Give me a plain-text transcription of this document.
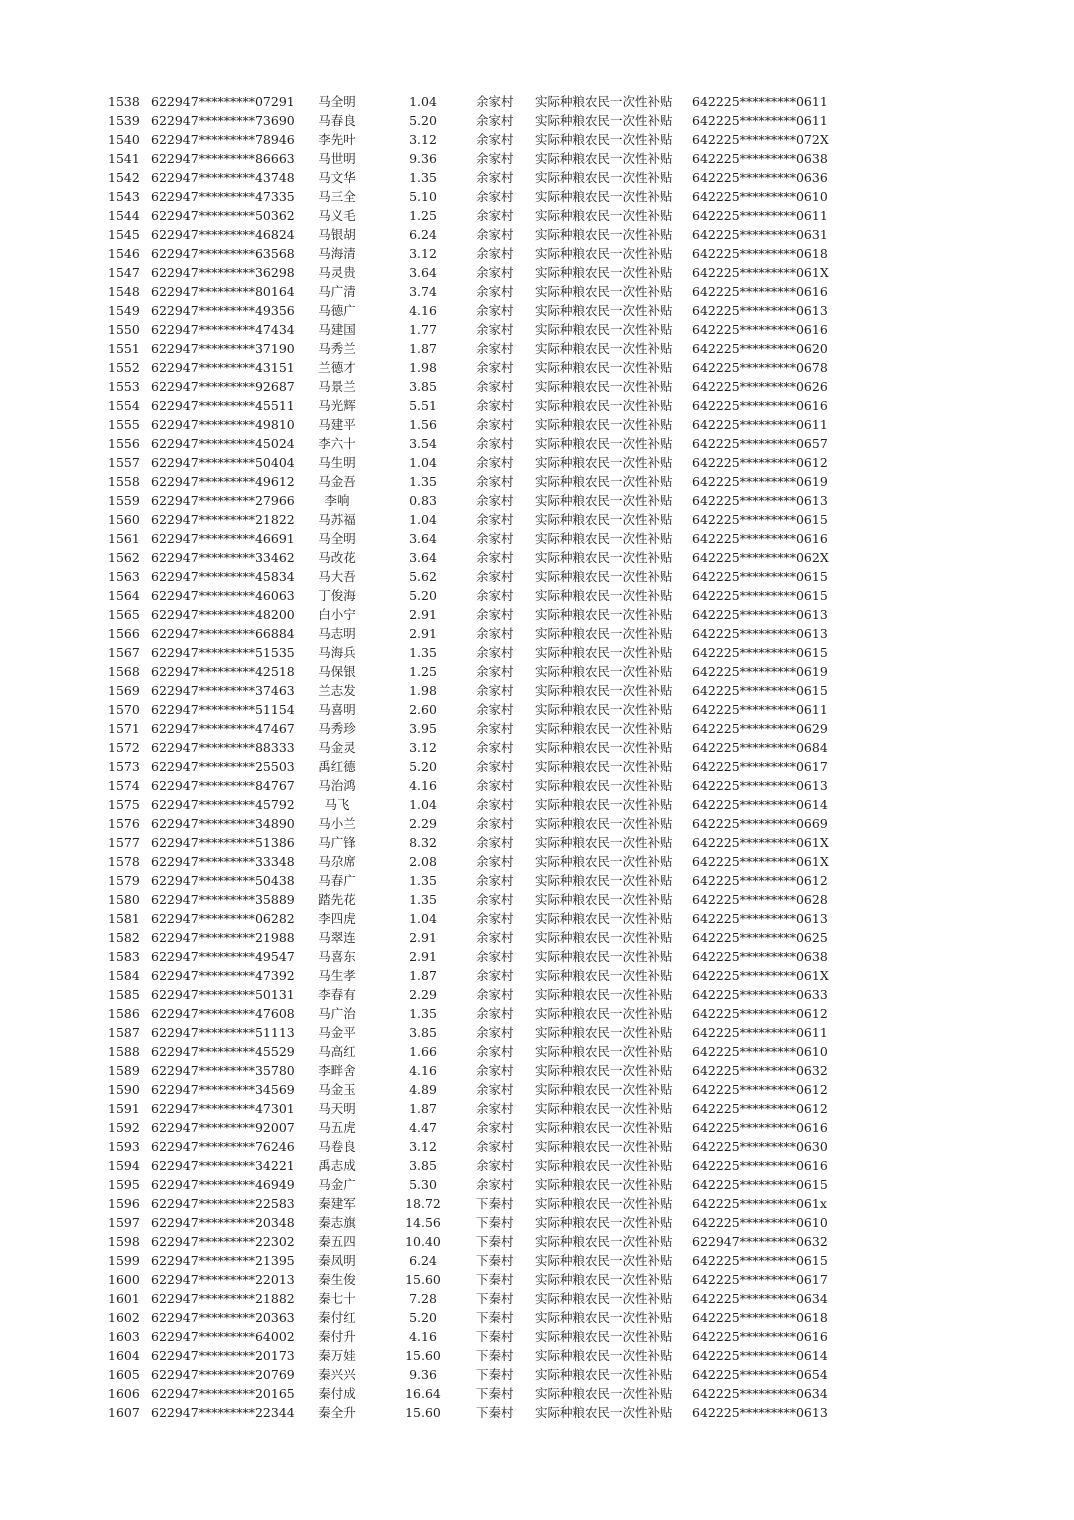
1538 622947*********07291	马全明	1.04	余家村 实际种粮农民一次性补贴 642225*********0611
1539 622947*********73690	马春良	5.20	余家村 实际种粮农民一次性补贴 642225*********0611
1540 622947*********78946	李先叶	3.12	余家村 实际种粮农民一次性补贴 642225*********072X
1541 622947*********86663	马世明	9.36	余家村 实际种粮农民一次性补贴 642225*********0638
1542 622947*********43748	马文华	1.35	余家村 实际种粮农民一次性补贴 642225*********0636
1543 622947*********47335	马三全	5.10	余家村 实际种粮农民一次性补贴 642225*********0610
1544 622947*********50362	马义毛	1.25	余家村 实际种粮农民一次性补贴 642225*********0611
1545 622947*********46824	马银胡	6.24	余家村 实际种粮农民一次性补贴 642225*********0631
1546 622947*********63568	马海清	3.12	余家村 实际种粮农民一次性补贴 642225*********0618
1547 622947*********36298	马灵贵	3.64	余家村 实际种粮农民一次性补贴 642225*********061X
1548 622947*********80164	马广清	3.74	余家村 实际种粮农民一次性补贴 642225*********0616
1549 622947*********49356	马德广	4.16	余家村 实际种粮农民一次性补贴 642225*********0613
1550 622947*********47434	马建国	1.77	余家村 实际种粮农民一次性补贴 642225*********0616
1551 622947*********37190	马秀兰	1.87	余家村 实际种粮农民一次性补贴 642225*********0620
1552 622947*********43151	兰德才	1.98	余家村 实际种粮农民一次性补贴 642225*********0678
1553 622947*********92687	马景兰	3.85	余家村 实际种粮农民一次性补贴 642225*********0626
1554 622947*********45511	马光辉	5.51	余家村 实际种粮农民一次性补贴 642225*********0616
1555 622947*********49810	马建平	1.56	余家村 实际种粮农民一次性补贴 642225*********0611
1556 622947*********45024	李六十	3.54	余家村 实际种粮农民一次性补贴 642225*********0657
1557 622947*********50404	马生明	1.04	余家村 实际种粮农民一次性补贴 642225*********0612
1558 622947*********49612	马金吾	1.35	余家村 实际种粮农民一次性补贴 642225*********0619
1559 622947*********27966	李响	0.83	余家村 实际种粮农民一次性补贴 642225*********0613
1560 622947*********21822	马苏福	1.04	余家村 实际种粮农民一次性补贴 642225*********0615
1561 622947*********46691	马全明	3.64	余家村 实际种粮农民一次性补贴 642225*********0616
1562 622947*********33462	马改花	3.64	余家村 实际种粮农民一次性补贴 642225*********062X
1563 622947*********45834	马大吾	5.62	余家村 实际种粮农民一次性补贴 642225*********0615
1564 622947*********46063	丁俊海	5.20	余家村 实际种粮农民一次性补贴 642225*********0615
1565 622947*********48200	白小宁	2.91	余家村 实际种粮农民一次性补贴 642225*********0613
1566 622947*********66884	马志明	2.91	余家村 实际种粮农民一次性补贴 642225*********0613
1567 622947*********51535	马海兵	1.35	余家村 实际种粮农民一次性补贴 642225*********0615
1568 622947*********42518	马保银	1.25	余家村 实际种粮农民一次性补贴 642225*********0619
1569 622947*********37463	兰志发	1.98	余家村 实际种粮农民一次性补贴 642225*********0615
1570 622947*********51154	马喜明	2.60	余家村 实际种粮农民一次性补贴 642225*********0611
1571 622947*********47467	马秀珍	3.95	余家村 实际种粮农民一次性补贴 642225*********0629
1572 622947*********88333	马金灵	3.12	余家村 实际种粮农民一次性补贴 642225*********0684
1573 622947*********25503	禹红德	5.20	余家村 实际种粮农民一次性补贴 642225*********0617
1574 622947*********84767	马治鸿	4.16	余家村 实际种粮农民一次性补贴 642225*********0613
1575 622947*********45792	马飞	1.04	余家村 实际种粮农民一次性补贴 642225*********0614
1576 622947*********34890	马小兰	2.29	余家村 实际种粮农民一次性补贴 642225*********0669
1577 622947*********51386	马广锋	8.32	余家村 实际种粮农民一次性补贴 642225*********061X
1578 622947*********33348	马尕席	2.08	余家村 实际种粮农民一次性补贴 642225*********061X
1579 622947*********50438	马春广	1.35	余家村 实际种粮农民一次性补贴 642225*********0612
1580 622947*********35889	踏先花	1.35	余家村 实际种粮农民一次性补贴 642225*********0628
1581 622947*********06282	李四虎	1.04	余家村 实际种粮农民一次性补贴 642225*********0613
1582 622947*********21988	马翠连	2.91	余家村 实际种粮农民一次性补贴 642225*********0625
1583 622947*********49547	马喜东	2.91	余家村 实际种粮农民一次性补贴 642225*********0638
1584 622947*********47392	马生孝	1.87	余家村 实际种粮农民一次性补贴 642225*********061X
1585 622947*********50131	李春有	2.29	余家村 实际种粮农民一次性补贴 642225*********0633
1586 622947*********47608	马广治	1.35	余家村 实际种粮农民一次性补贴 642225*********0612
1587 622947*********51113	马金平	3.85	余家村 实际种粮农民一次性补贴 642225*********0611
1588 622947*********45529	马高红	1.66	余家村 实际种粮农民一次性补贴 642225*********0610
1589 622947*********35780	李畔舍	4.16	余家村 实际种粮农民一次性补贴 642225*********0632
1590 622947*********34569	马金玉	4.89	余家村 实际种粮农民一次性补贴 642225*********0612
1591 622947*********47301	马天明	1.87	余家村 实际种粮农民一次性补贴 642225*********0612
1592 622947*********92007	马五虎	4.47	余家村 实际种粮农民一次性补贴 642225*********0616
1593 622947*********76246	马卷良	3.12	余家村 实际种粮农民一次性补贴 642225*********0630
1594 622947*********34221	禹志成	3.85	余家村 实际种粮农民一次性补贴 642225*********0616
1595 622947*********46949	马金广	5.30	余家村 实际种粮农民一次性补贴 642225*********0615
1596 622947*********22583	秦建军	18.72	下秦村 实际种粮农民一次性补贴 642225*********061x
1597 622947*********20348	秦志旗	14.56	下秦村 实际种粮农民一次性补贴 642225*********0610
1598 622947*********22302	秦五四	10.40	下秦村 实际种粮农民一次性补贴 622947*********0632
1599 622947*********21395	秦凤明	6.24	下秦村 实际种粮农民一次性补贴 642225*********0615
1600 622947*********22013	秦生俊	15.60	下秦村 实际种粮农民一次性补贴 642225*********0617
1601 622947*********21882	秦七十	7.28	下秦村 实际种粮农民一次性补贴 642225*********0634
1602 622947*********20363	秦付红	5.20	下秦村 实际种粮农民一次性补贴 642225*********0618
1603 622947*********64002	秦付升	4.16	下秦村 实际种粮农民一次性补贴 642225*********0616
1604 622947*********20173	秦万娃	15.60	下秦村 实际种粮农民一次性补贴 642225*********0614
1605 622947*********20769	秦兴兴	9.36	下秦村 实际种粮农民一次性补贴 642225*********0654
1606 622947*********20165	秦付成	16.64	下秦村 实际种粮农民一次性补贴 642225*********0634
1607 622947*********22344	秦全升	15.60	下秦村 实际种粮农民一次性补贴 642225*********0613
